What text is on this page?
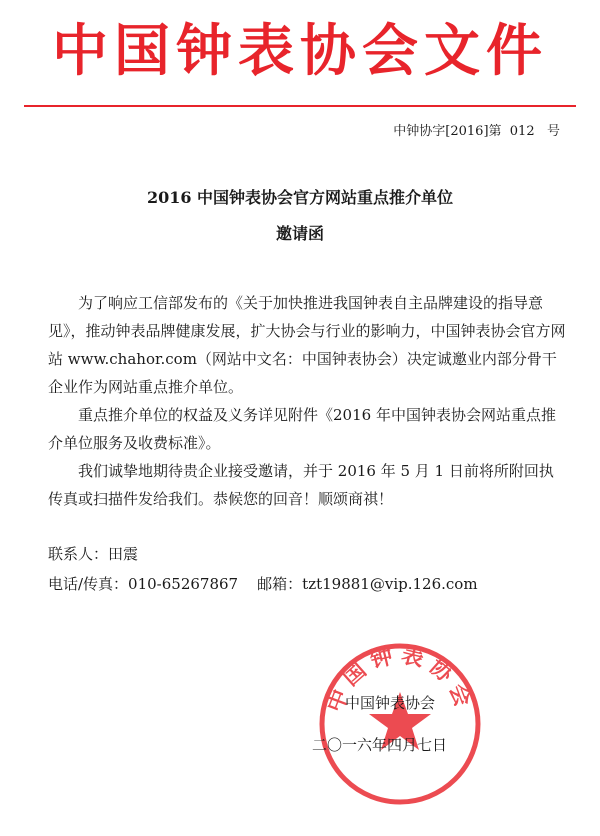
中国钟表协会文件
中钟协字[2016]第  012   号
2016 中国钟表协会官方网站重点推介单位
邀请函

为了响应工信部发布的《关于加快推进我国钟表自主品牌建设的指导意见》，推动钟表品牌健康发展，扩大协会与行业的影响力，中国钟表协会官方网站 www.chahor.com（网站中文名：中国钟表协会）决定诚邀业内部分骨干企业作为网站重点推介单位。

重点推介单位的权益及义务详见附件《2016 年中国钟表协会网站重点推介单位服务及收费标准》。

我们诚挚地期待贵企业接受邀请，并于 2016 年 5 月 1 日前将所附回执传真或扫描件发给我们。恭候您的回音！顺颂商祺！

联系人：田震
电话/传真：010-65267867    邮箱：tzt19881@vip.126.com
中国钟表协会
中国钟表协会
二〇一六年四月七日
